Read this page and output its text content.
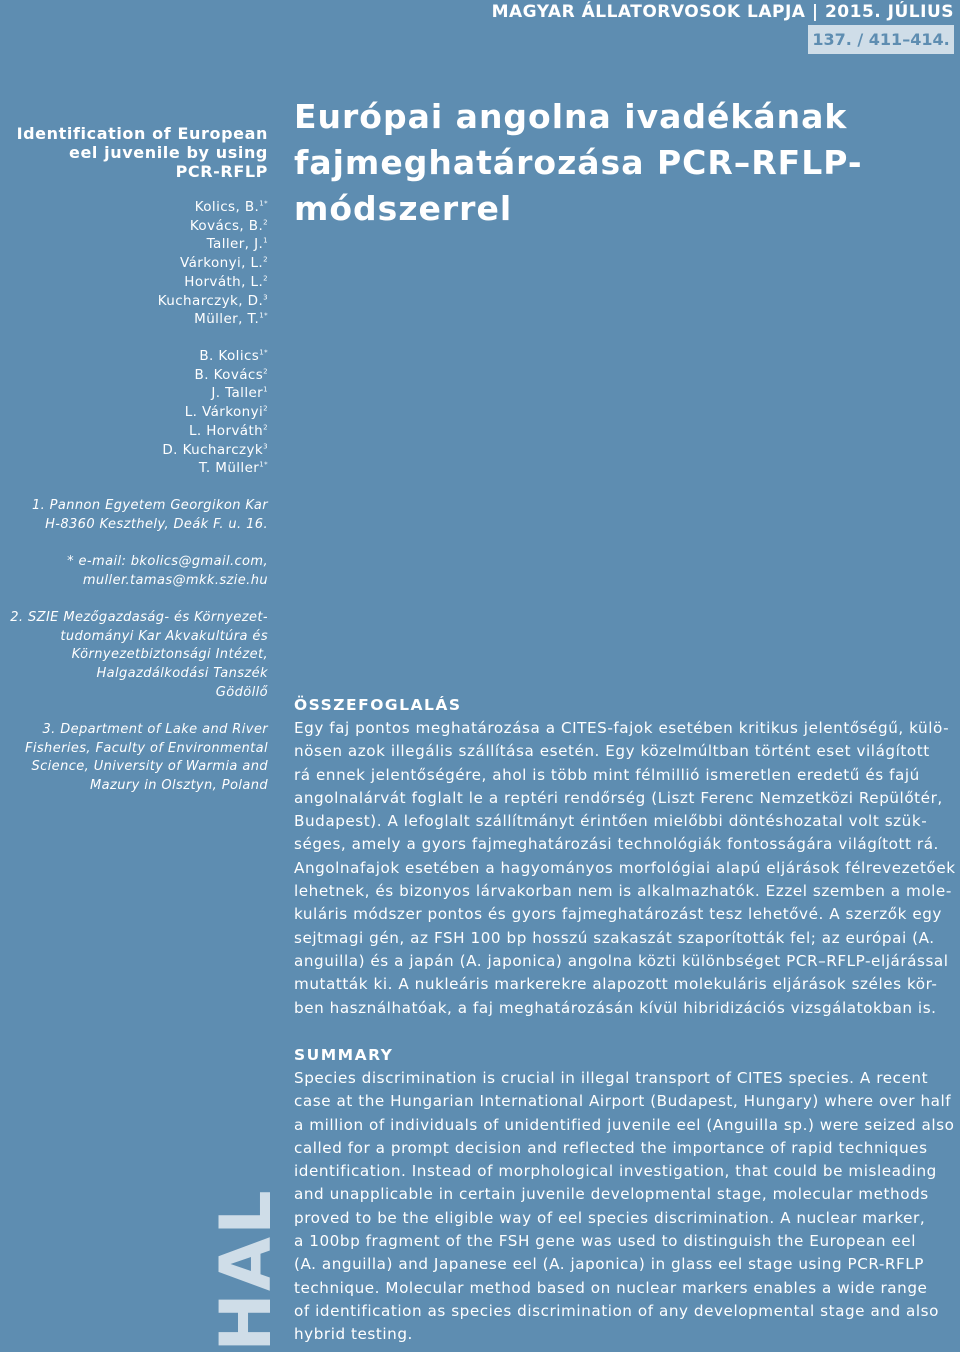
MAGYAR ÁLLATORVOSOK LAPJA | 2015. JÚLIUS
137. / 411–414.
Identification of European
eel juvenile by using
PCR-RFLP
Kolics, B.$^{1*}$
Kovács, B.$^2$
Taller, J.$^1$
Várkonyi, L.$^2$
Horváth, L.$^2$
Kucharczyk, D.$^3$
Müller, T.$^{1*}$
B. Kolics$^{1*}$
B. Kovács$^2$
J. Taller$^1$
L. Várkonyi$^2$
L. Horváth$^2$
D. Kucharczyk$^3$
T. Müller$^{1*}$
1. Pannon Egyetem Georgikon Kar
H-8360 Keszthely, Deák F. u. 16.
* e-mail: bkolics@gmail.com,
muller.tamas@mkk.szie.hu
2. SZIE Mezőgazdaság- és Környezet-
tudományi Kar Akvakultúra és
Környezetbiztonsági Intézet,
Halgazdálkodási Tanszék
Gödöllő
3. Department of Lake and River
Fisheries, Faculty of Environmental
Science, University of Warmia and
Mazury in Olsztyn, Poland
Európai angolna ivadékának
fajmeghatározása PCR–RFLP-
módszerrel
ÖSSZEFOGLALÁS
Egy faj pontos meghatározása a CITES-fajok esetében kritikus jelentőségű, külö-
nösen azok illegális szállítása esetén. Egy közelmúltban történt eset világított
rá ennek jelentőségére, ahol is több mint félmillió ismeretlen eredetű és fajú
angolnalárvát foglalt le a reptéri rendőrség (Liszt Ferenc Nemzetközi Repülőtér,
Budapest). A lefoglalt szállítmányt érintően mielőbbi döntéshozatal volt szük-
séges, amely a gyors fajmeghatározási technológiák fontosságára világított rá.
Angolnafajok esetében a hagyományos morfológiai alapú eljárások félrevezetőek
lehetnek, és bizonyos lárvakorban nem is alkalmazhatók. Ezzel szemben a mole-
kuláris módszer pontos és gyors fajmeghatározást tesz lehetővé. A szerzők egy
sejtmagi gén, az FSH 100 bp hosszú szakaszát szaporították fel; az európai (A.
anguilla) és a japán (A. japonica) angolna közti különbséget PCR–RFLP-eljárással
mutatták ki. A nukleáris markerekre alapozott molekuláris eljárások széles kör-
ben használhatóak, a faj meghatározásán kívül hibridizációs vizsgálatokban is.
SUMMARY
Species discrimination is crucial in illegal transport of CITES species. A recent
case at the Hungarian International Airport (Budapest, Hungary) where over half
a million of individuals of unidentified juvenile eel (Anguilla sp.) were seized also
called for a prompt decision and reflected the importance of rapid techniques
identification. Instead of morphological investigation, that could be misleading
and unapplicable in certain juvenile developmental stage, molecular methods
proved to be the eligible way of eel species discrimination. A nuclear marker,
a 100bp fragment of the FSH gene was used to distinguish the European eel
(A. anguilla) and Japanese eel (A. japonica) in glass eel stage using PCR-RFLP
technique. Molecular method based on nuclear markers enables a wide range
of identification as species discrimination of any developmental stage and also
hybrid testing.
HAL
